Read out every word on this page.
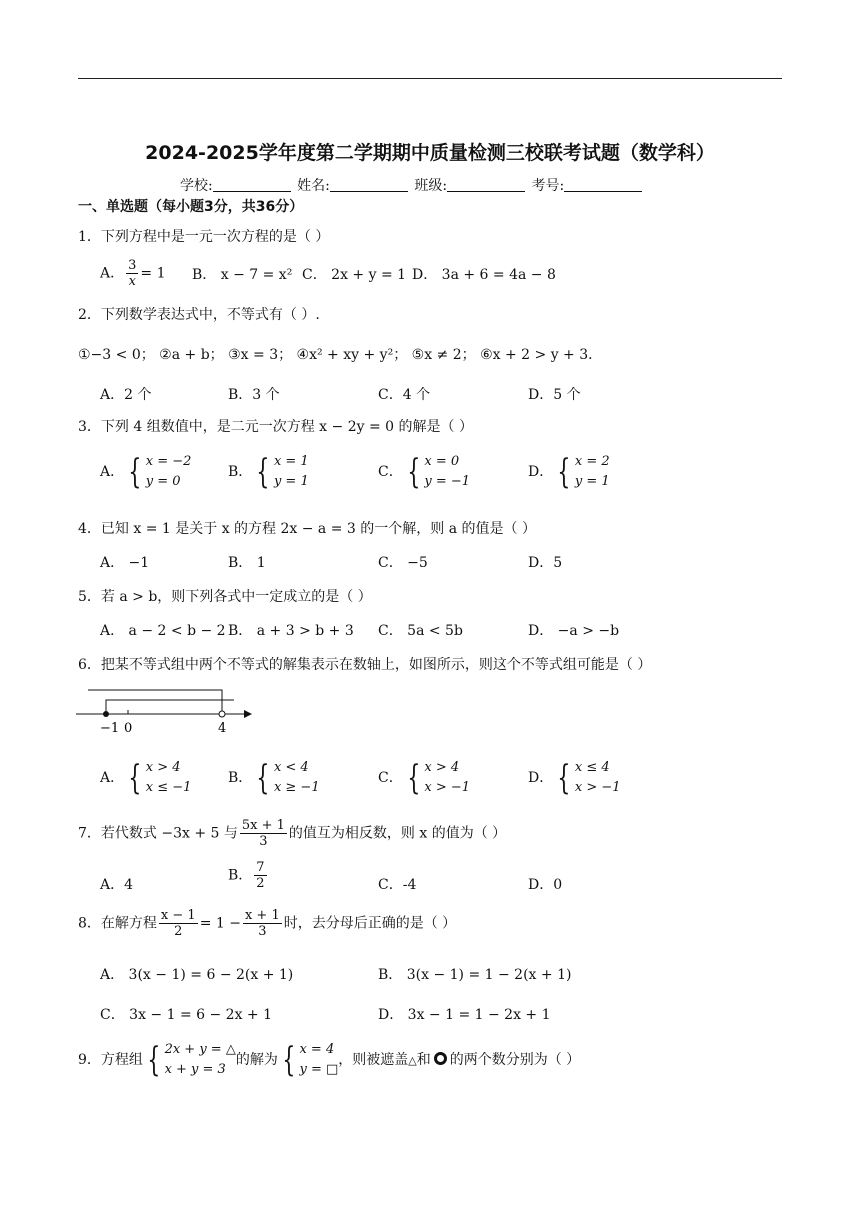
2024-2025学年度第二学期期中质量检测三校联考试题（数学科）
学校:	姓名:	班级:	考号:
一、单选题（每小题3分，共36分）
1．下列方程中是一元一次方程的是（ ）
A． $\frac{3}{x} = 1$ B． x − 7 = x² C． 2x + y = 1 D． 3a + 6 = 4a − 8
2．下列数学表达式中，不等式有（ ）.
①−3 < 0； ②a + b； ③x = 3； ④x² + xy + y²； ⑤x ≠ 2； ⑥x + 2 > y + 3．
A．2 个	B．3 个	C．4 个	D．5 个
3．下列 4 组数值中，是二元一次方程 x − 2y = 0 的解是（ ）
A． { x = −2
y = 0
B． { x = 1
y = 1
C． { x = 0
y = −1
D． { x = 2
y = 1
4．已知 x = 1 是关于 x 的方程 2x − a = 3 的一个解，则 a 的值是（ ）
A． −1	B． 1	C． −5	D．5
5．若 a > b，则下列各式中一定成立的是（ ）
A． a − 2 < b − 2 B． a + 3 > b + 3 C． 5a < 5b	D． −a > −b
6．把某不等式组中两个不等式的解集表示在数轴上，如图所示，则这个不等式组可能是（ ）
−1 0	4
A． { x > 4
x ≤ −1
B． { x < 4
x ≥ −1
C． { x > 4
x > −1
D． { x ≤ 4
x > −1
7．若代数式 −3x + 5 与 $\frac{5x + 1}{3}$ 的值互为相反数，则 x 的值为（ ）
A．4
B． $\frac{7}{2}$	C．-4	D．0
8．在解方程 $\frac{x - 1}{2} = 1 - \frac{x + 1}{3}$ 时，去分母后正确的是（ ）
A． 3(x − 1) = 6 − 2(x + 1)	B． 3(x − 1) = 1 − 2(x + 1)
C． 3x − 1 = 6 − 2x + 1	D． 3x − 1 = 1 − 2x + 1
9．方程组 { 2x + y = △
x + y = 3
的解为 { x = 4
y = □
，则被遮盖△和 的两个数分别为（ ）
